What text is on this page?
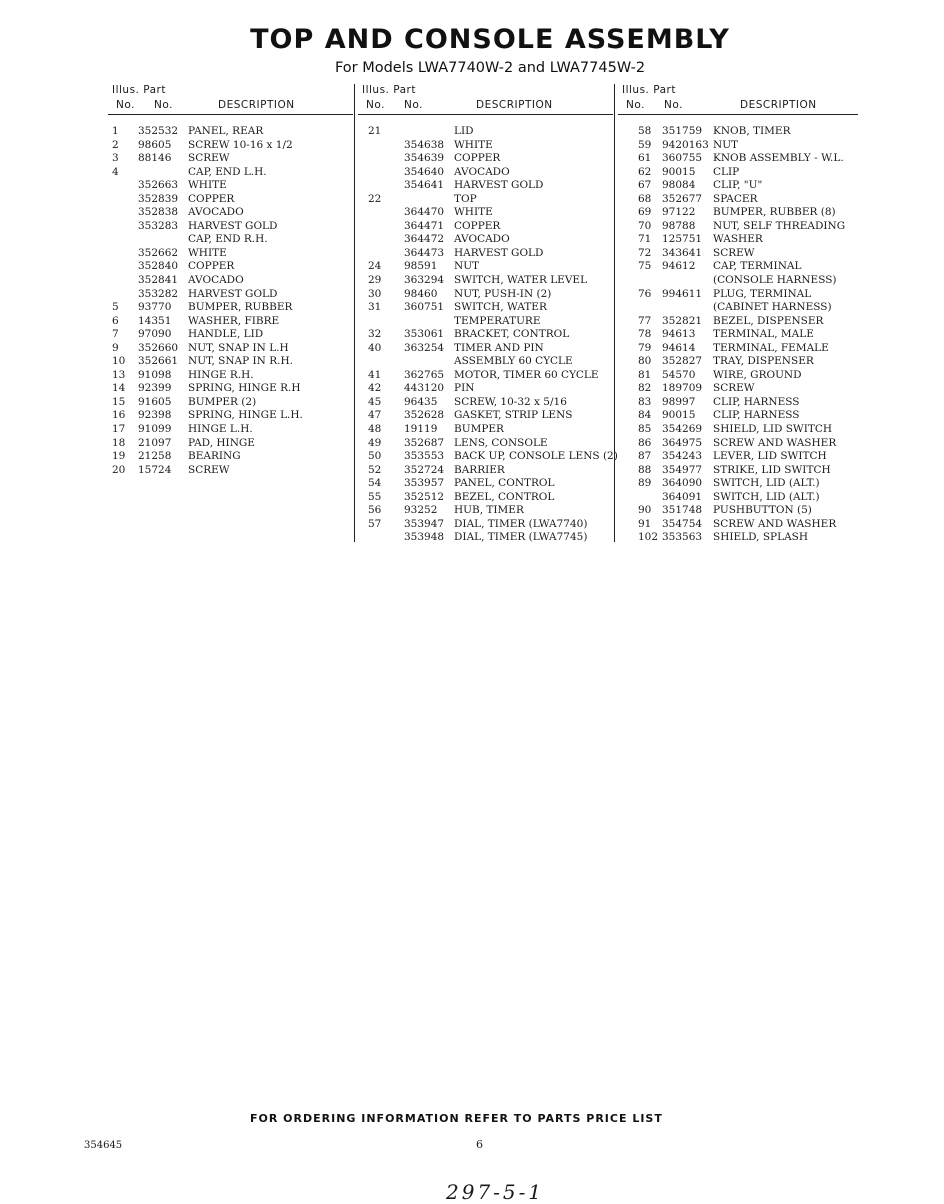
TOP AND CONSOLE ASSEMBLY
For Models LWA7740W-2 and LWA7745W-2
Illus. Part
No. No.	DESCRIPTION
1 352532 PANEL, REAR
2 98605 SCREW 10-16 x 1/2
3 88146 SCREW
4	CAP, END L.H.
352663 WHITE
352839 COPPER
352838 AVOCADO
353283 HARVEST GOLD
CAP, END R.H.
352662 WHITE
352840 COPPER
352841 AVOCADO
353282 HARVEST GOLD
5 93770 BUMPER, RUBBER
6 14351 WASHER, FIBRE
7 97090 HANDLE, LID
9 352660 NUT, SNAP IN L.H
10 352661 NUT, SNAP IN R.H.
13 91098 HINGE R.H.
14 92399 SPRING, HINGE R.H
15 91605 BUMPER (2)
16 92398 SPRING, HINGE L.H.
17 91099 HINGE L.H.
18 21097 PAD, HINGE
19 21258 BEARING
20 15724 SCREW
Illus. Part
No. No.	DESCRIPTION
21	LID
354638 WHITE
354639 COPPER
354640 AVOCADO
354641 HARVEST GOLD
22	TOP
364470 WHITE
364471 COPPER
364472 AVOCADO
364473 HARVEST GOLD
24 98591 NUT
29 363294 SWITCH, WATER LEVEL
30 98460 NUT, PUSH-IN (2)
31 360751 SWITCH, WATER
TEMPERATURE
32 353061 BRACKET, CONTROL
40 363254 TIMER AND PIN
ASSEMBLY 60 CYCLE
41 362765 MOTOR, TIMER 60 CYCLE
42 443120 PIN
45 96435 SCREW, 10-32 x 5/16
47 352628 GASKET, STRIP LENS
48 19119 BUMPER
49 352687 LENS, CONSOLE
50 353553 BACK UP, CONSOLE LENS (2)
52 352724 BARRIER
54 353957 PANEL, CONTROL
55 352512 BEZEL, CONTROL
56 93252 HUB, TIMER
57 353947 DIAL, TIMER (LWA7740)
353948 DIAL, TIMER (LWA7745)
Illus. Part
No. No.	DESCRIPTION
58 351759 KNOB, TIMER
59 9420163 NUT
61 360755 KNOB ASSEMBLY - W.L.
62 90015 CLIP
67 98084 CLIP, "U"
68 352677 SPACER
69 97122 BUMPER, RUBBER (8)
70 98788 NUT, SELF THREADING
71 125751 WASHER
72 343641 SCREW
75 94612 CAP, TERMINAL
(CONSOLE HARNESS)
76 994611 PLUG, TERMINAL
(CABINET HARNESS)
77 352821 BEZEL, DISPENSER
78 94613 TERMINAL, MALE
79 94614 TERMINAL, FEMALE
80 352827 TRAY, DISPENSER
81 54570 WIRE, GROUND
82 189709 SCREW
83 98997 CLIP, HARNESS
84 90015 CLIP, HARNESS
85 354269 SHIELD, LID SWITCH
86 364975 SCREW AND WASHER
87 354243 LEVER, LID SWITCH
88 354977 STRIKE, LID SWITCH
89 364090 SWITCH, LID (ALT.)
364091 SWITCH, LID (ALT.)
90 351748 PUSHBUTTON (5)
91 354754 SCREW AND WASHER
102 353563 SHIELD, SPLASH
FOR ORDERING INFORMATION REFER TO PARTS PRICE LIST
354645	6
297-5-1
